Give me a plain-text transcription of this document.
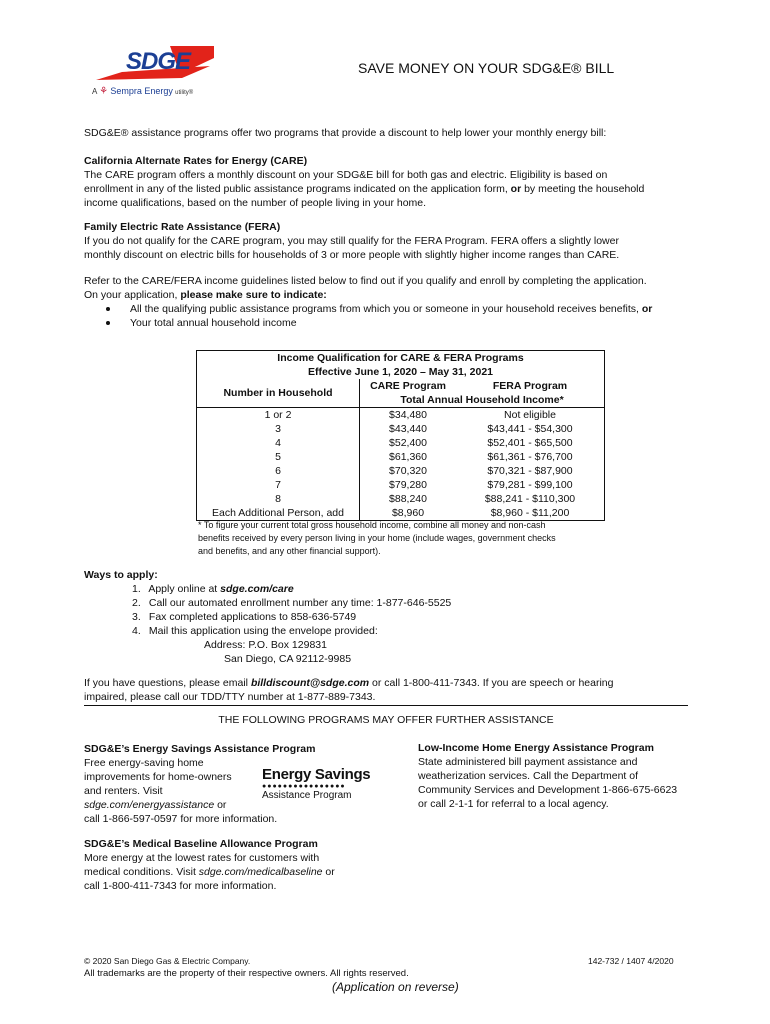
SDGE
A ⚘ Sempra Energy utility®
SAVE MONEY ON YOUR SDG&E® BILL

SDG&E® assistance programs offer two programs that provide a discount to help lower your monthly energy bill:

California Alternate Rates for Energy (CARE)

The CARE program offers a monthly discount on your SDG&E bill for both gas and electric. Eligibility is based on

enrollment in any of the listed public assistance programs indicated on the application form, or by meeting the household

income qualifications, based on the number of people living in your home.

Family Electric Rate Assistance (FERA)

If you do not qualify for the CARE program, you may still qualify for the FERA Program. FERA offers a slightly lower

monthly discount on electric bills for households of 3 or more people with slightly higher income ranges than CARE.

Refer to the CARE/FERA income guidelines listed below to find out if you qualify and enroll by completing the application.

On your application, please make sure to indicate:

All the qualifying public assistance programs from which you or someone in your household receives benefits, or

Your total annual household income

Income Qualification for CARE & FERA Programs
Effective June 1, 2020 – May 31, 2021
Number in Household	CARE Program	FERA Program
	Total Annual Household Income*	
1 or 2	$34,480	Not eligible
3	$43,440	$43,441 - $54,300
4	$52,400	$52,401 - $65,500
5	$61,360	$61,361 - $76,700
6	$70,320	$70,321 - $87,900
7	$79,280	$79,281 - $99,100
8	$88,240	$88,241 - $110,300
Each Additional Person, add	$8,960	$8,960 - $11,200

* To figure your current total gross household income, combine all money and non-cash

benefits received by every person living in your home (include wages, government checks

and benefits, and any other financial support).

Ways to apply:

1. Apply online at sdge.com/care

2. Call our automated enrollment number any time: 1-877-646-5525

3. Fax completed applications to 858-636-5749

4. Mail this application using the envelope provided:

Address: P.O. Box 129831

San Diego, CA 92112-9985

If you have questions, please email billdiscount@sdge.com or call 1-800-411-7343. If you are speech or hearing

impaired, please call our TDD/TTY number at 1-877-889-7343.

THE FOLLOWING PROGRAMS MAY OFFER FURTHER ASSISTANCE

SDG&E’s Energy Savings Assistance Program

Free energy-saving home

improvements for home-owners

and renters. Visit

sdge.com/energyassistance or

call 1-866-597-0597 for more information.

Energy Savings
●●●●●●●●●●●●●●●●
Assistance Program

Low-Income Home Energy Assistance Program

State administered bill payment assistance and

weatherization services. Call the Department of

Community Services and Development 1-866-675-6623

or call 2-1-1 for referral to a local agency.

SDG&E’s Medical Baseline Allowance Program

More energy at the lowest rates for customers with

medical conditions. Visit sdge.com/medicalbaseline or

call 1-800-411-7343 for more information.

© 2020 San Diego Gas & Electric Company.	142-732 / 1407 4/2020

All trademarks are the property of their respective owners. All rights reserved.

(Application on reverse)
